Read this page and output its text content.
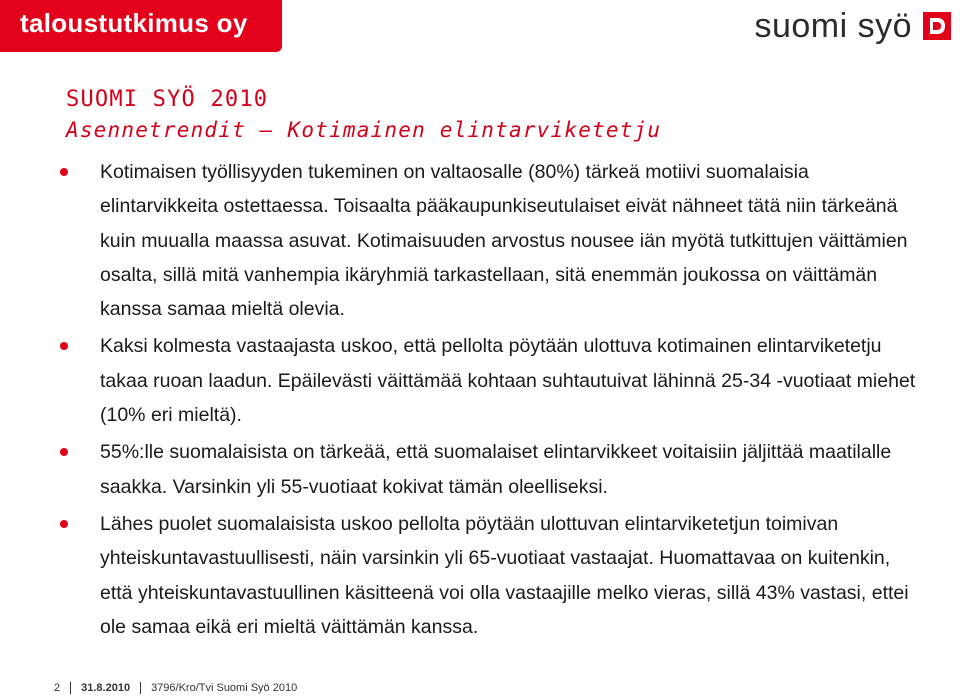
taloustutkimus oy	suomi syö
SUOMI SYÖ 2010
Asennetrendit – Kotimainen elintarviketetju
Kotimaisen työllisyyden tukeminen on valtaosalle (80%) tärkeä motiivi suomalaisia elintarvikkeita ostettaessa. Toisaalta pääkaupunkiseutulaiset eivät nähneet tätä niin tärkeänä kuin muualla maassa asuvat. Kotimaisuuden arvostus nousee iän myötä tutkittujen väittämien osalta, sillä mitä vanhempia ikäryhmiä tarkastellaan, sitä enemmän joukossa on väittämän kanssa samaa mieltä olevia.
Kaksi kolmesta vastaajasta uskoo, että pellolta pöytään ulottuva kotimainen elintarviketetju takaa ruoan laadun. Epäilevästi väittämää kohtaan suhtautuivat lähinnä 25-34 -vuotiaat miehet (10% eri mieltä).
55%:lle suomalaisista on tärkeää, että suomalaiset elintarvikkeet voitaisiin jäljittää maatilalle saakka. Varsinkin yli 55-vuotiaat kokivat tämän oleelliseksi.
Lähes puolet suomalaisista uskoo pellolta pöytään ulottuvan elintarviketetjun toimivan yhteiskuntavastuullisesti, näin varsinkin yli 65-vuotiaat vastaajat. Huomattavaa on kuitenkin, että yhteiskuntavastuullinen käsitteenä voi olla vastaajille melko vieras, sillä 43% vastasi, ettei ole samaa eikä eri mieltä väittämän kanssa.
2 31.8.2010 3796/Kro/Tvi Suomi Syö 2010
